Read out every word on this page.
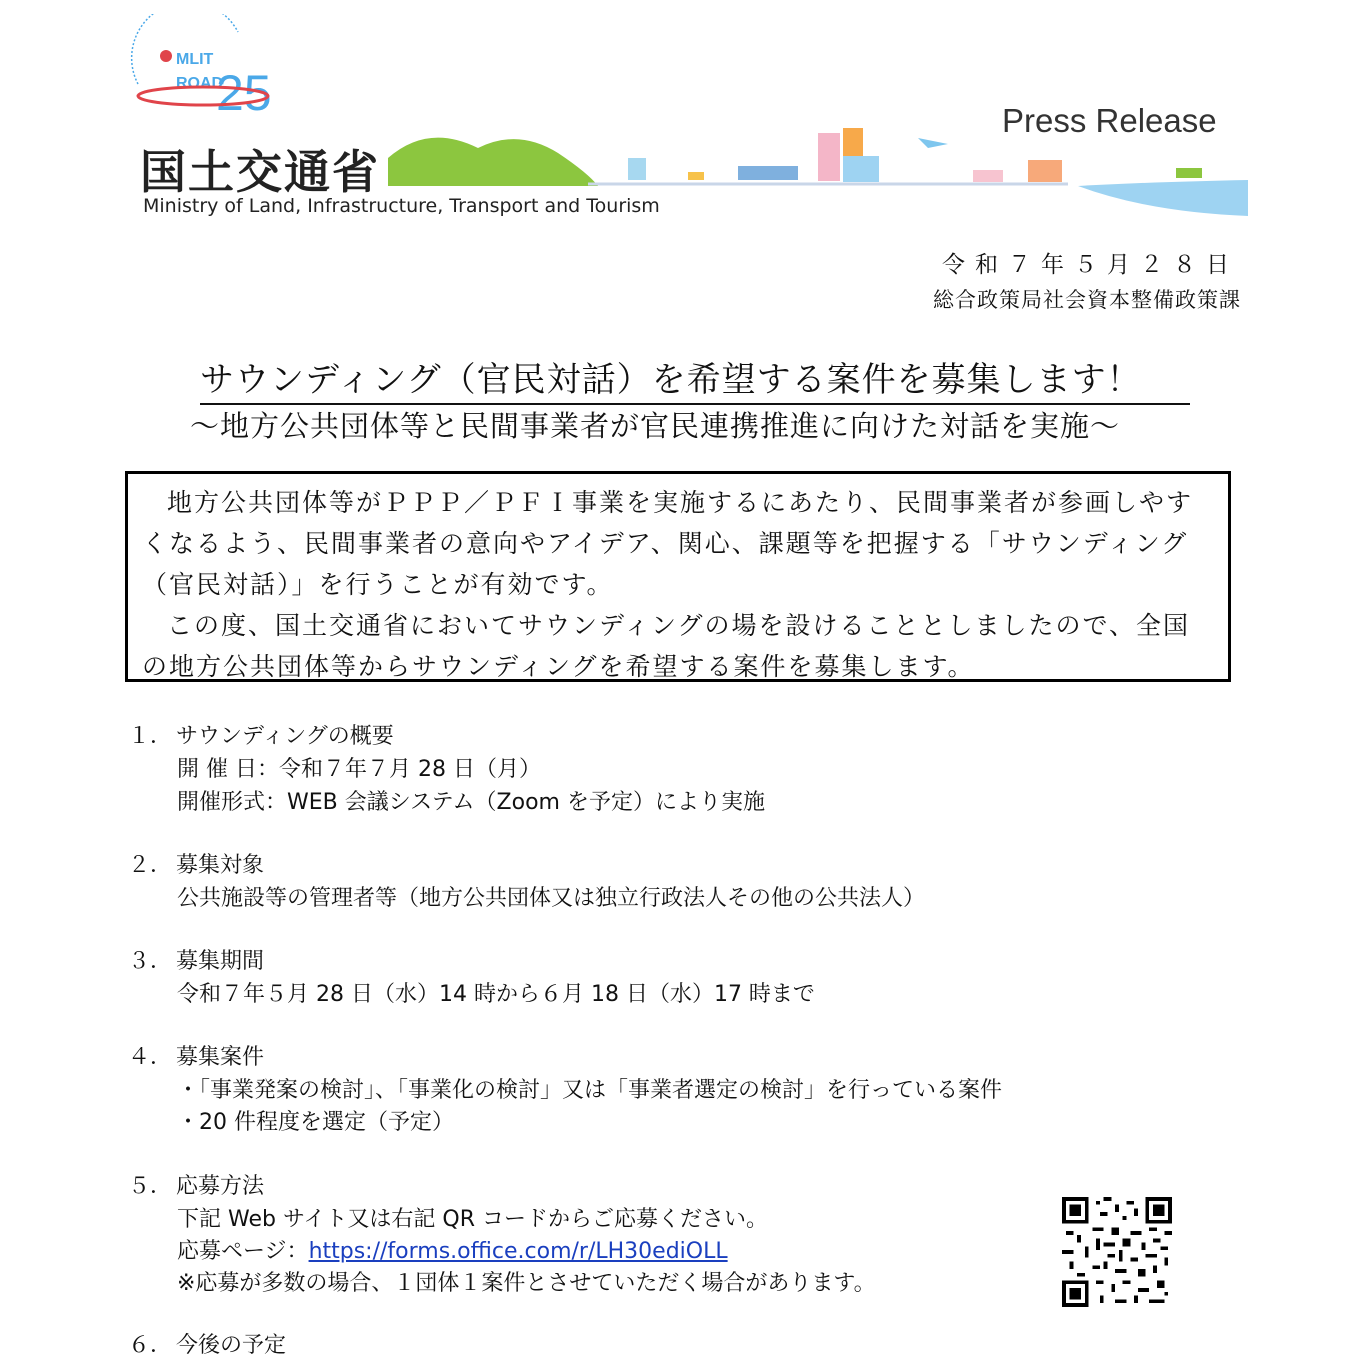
MLIT
ROAD
25
国土交通省
Ministry of Land, Infrastructure, Transport and Tourism
Press Release
令和７年５月２８日
総合政策局社会資本整備政策課
サウンディング（官民対話）を希望する案件を募集します！
～地方公共団体等と民間事業者が官民連携推進に向けた対話を実施～

地方公共団体等がＰＰＰ／ＰＦＩ事業を実施するにあたり、民間事業者が参画しやすくなるよう、民間事業者の意向やアイデア、関心、課題等を把握する「サウンディング（官民対話）」を行うことが有効です。

この度、国土交通省においてサウンディングの場を設けることとしましたので、全国の地方公共団体等からサウンディングを希望する案件を募集します。

１． サウンディングの概要
開 催 日：令和７年７月 28 日（月）
開催形式：WEB 会議システム（Zoom を予定）により実施
２． 募集対象
公共施設等の管理者等（地方公共団体又は独立行政法人その他の公共法人）
３． 募集期間
令和７年５月 28 日（水）14 時から６月 18 日（水）17 時まで
４． 募集案件
・「事業発案の検討」、「事業化の検討」又は「事業者選定の検討」を行っている案件
・20 件程度を選定（予定）
５． 応募方法
下記 Web サイト又は右記 QR コードからご応募ください。
応募ページ：https://forms.office.com/r/LH30ediOLL
※応募が多数の場合、１団体１案件とさせていただく場合があります。
６． 今後の予定
